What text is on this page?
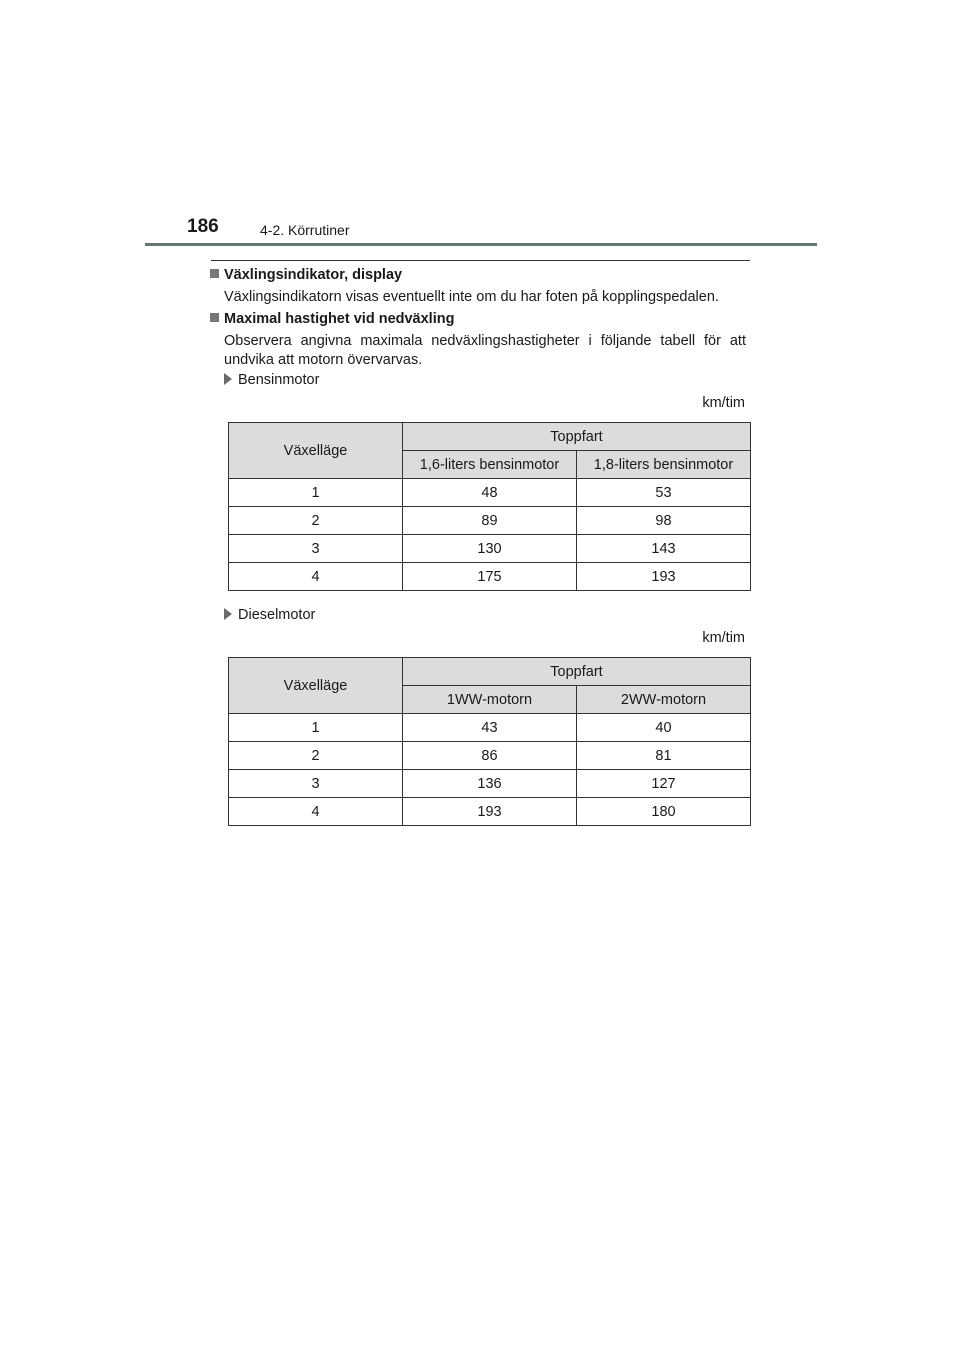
186	4-2. Körrutiner
Växlingsindikator, display
Växlingsindikatorn visas eventuellt inte om du har foten på kopplingspedalen.
Maximal hastighet vid nedväxling
Observera angivna maximala nedväxlingshastigheter i följande tabell för att undvika att motorn övervarvas.
Bensinmotor
km/tim
Växelläge	Toppfart	
	1,6-liters bensinmotor	1,8-liters bensinmotor
1	48	53
2	89	98
3	130	143
4	175	193
Dieselmotor
km/tim
Växelläge	Toppfart	
	1WW-motorn	2WW-motorn
1	43	40
2	86	81
3	136	127
4	193	180
